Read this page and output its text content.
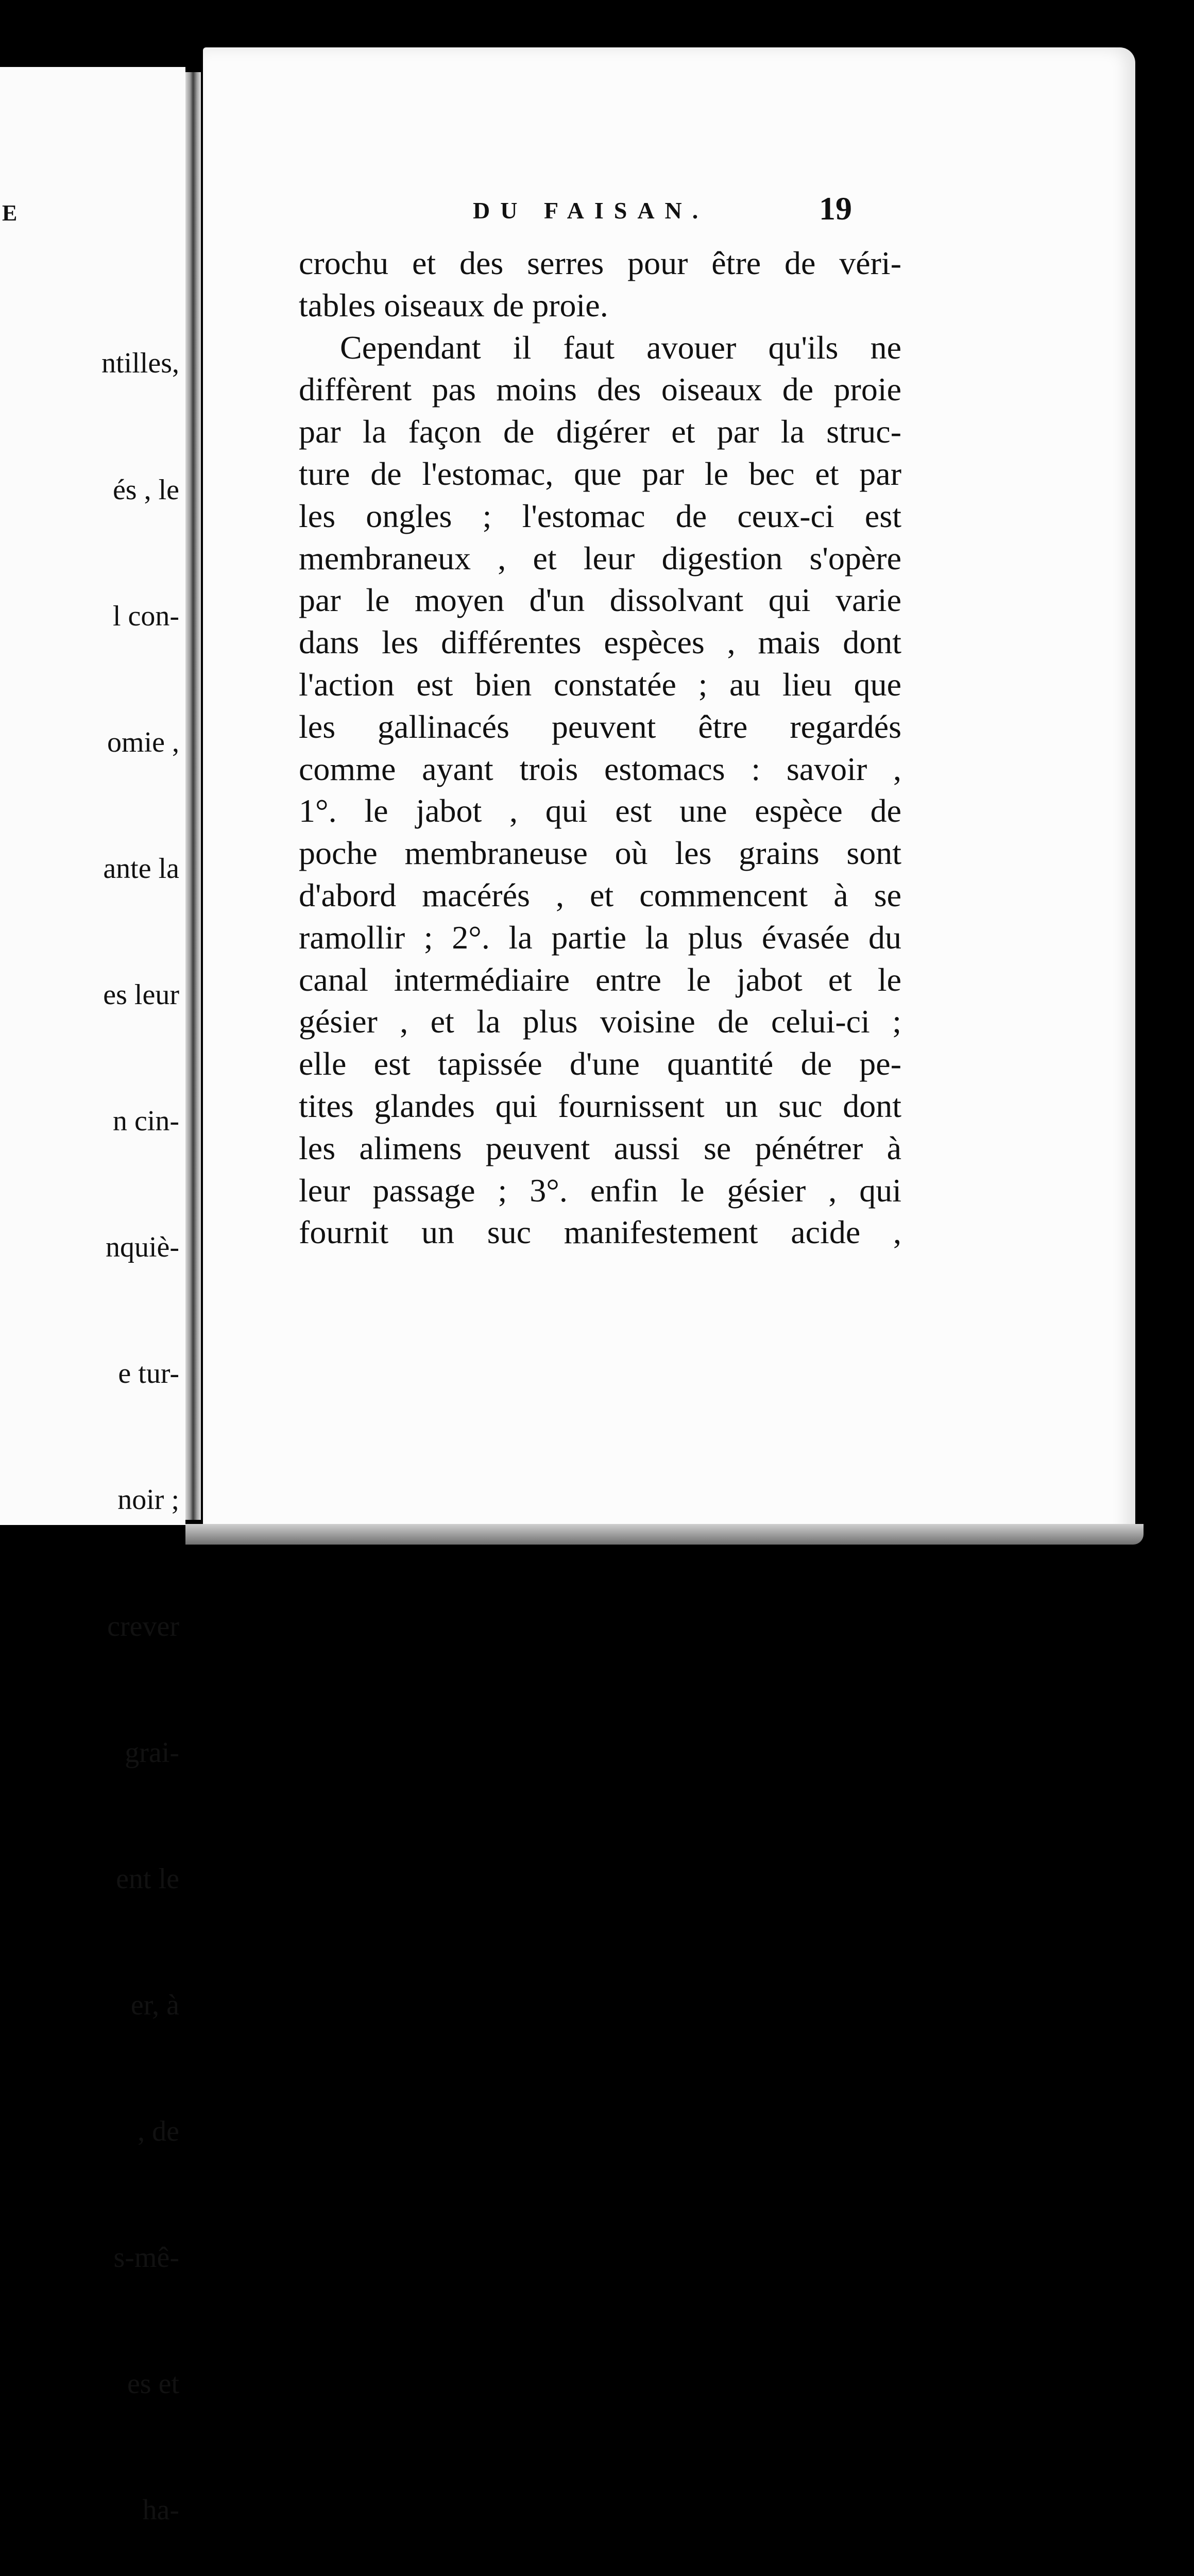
E

ntilles,

és , le

l con-

omie ,

ante la

es leur

n cin-

nquiè-

e tur-

noir ;

crever

grai-

ent le

er, à

, de

s-mê-

es et

ha-

DU FAISAN.	19
crochu et des serres pour être de véri-
tables oiseaux de proie.
Cependant il faut avouer qu'ils ne
diffèrent pas moins des oiseaux de proie
par la façon de digérer et par la struc-
ture de l'estomac, que par le bec et par
les ongles ; l'estomac de ceux-ci est
membraneux , et leur digestion s'opère
par le moyen d'un dissolvant qui varie
dans les différentes espèces , mais dont
l'action est bien constatée ; au lieu que
les gallinacés peuvent être regardés
comme ayant trois estomacs : savoir ,
1°. le jabot , qui est une espèce de
poche membraneuse où les grains sont
d'abord macérés , et commencent à se
ramollir ; 2°. la partie la plus évasée du
canal intermédiaire entre le jabot et le
gésier , et la plus voisine de celui-ci ;
elle est tapissée d'une quantité de pe-
tites glandes qui fournissent un suc dont
les alimens peuvent aussi se pénétrer à
leur passage ; 3°. enfin le gésier , qui
fournit un suc manifestement acide ,
